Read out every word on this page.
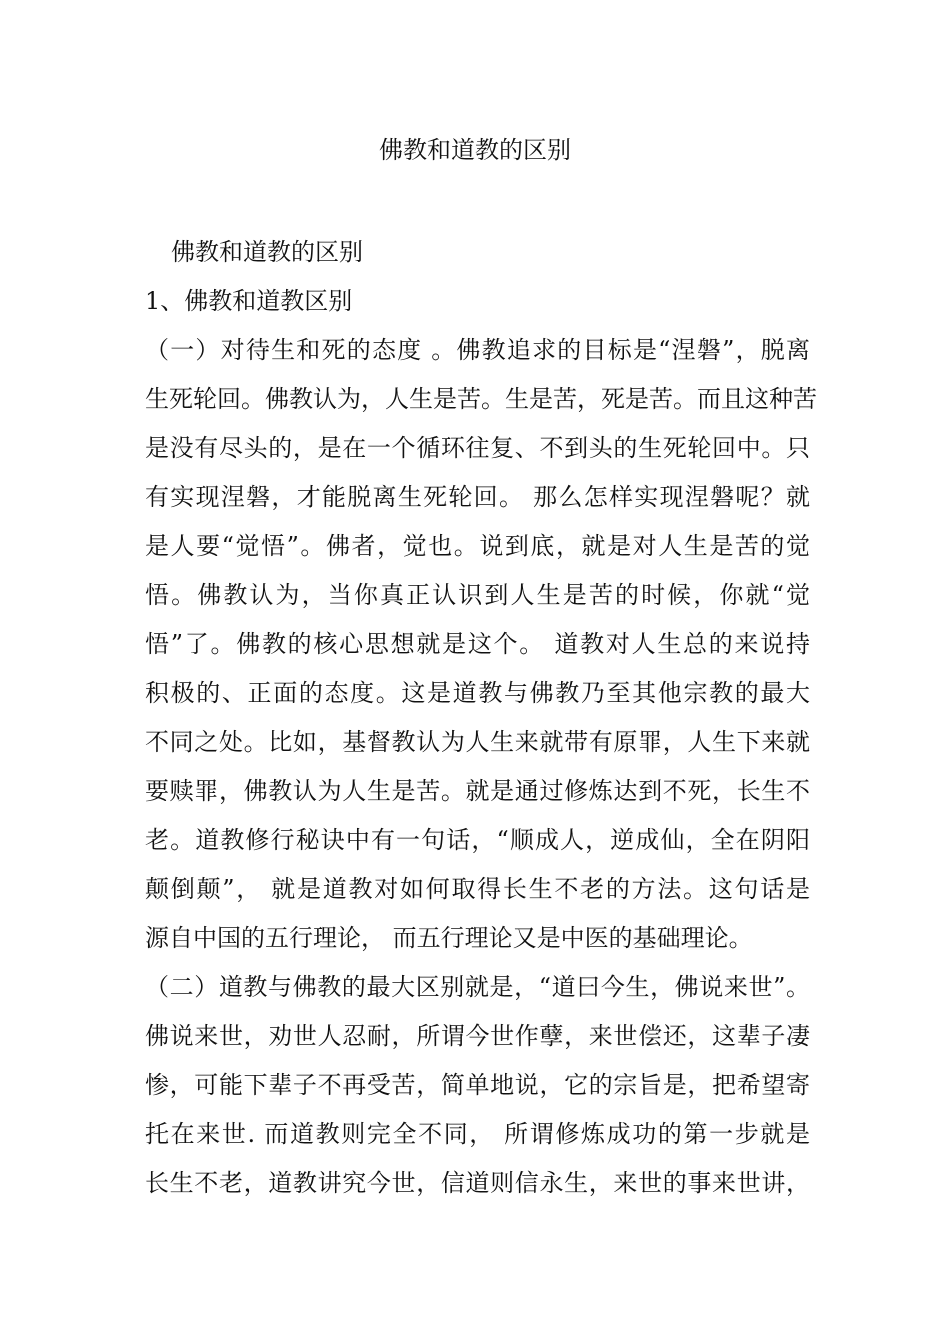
佛教和道教的区别

佛教和道教的区别

1、佛教和道教区别

（一）对待生和死的态度 。佛教追求的目标是“涅磐”，脱离

生死轮回。佛教认为，人生是苦。生是苦，死是苦。而且这种苦

是没有尽头的，是在一个循环往复、不到头的生死轮回中。只

有实现涅磐，才能脱离生死轮回。 那么怎样实现涅磐呢？就

是人要“觉悟”。佛者，觉也。说到底，就是对人生是苦的觉

悟。佛教认为，当你真正认识到人生是苦的时候，你就“觉

悟”了。佛教的核心思想就是这个。 道教对人生总的来说持

积极的、正面的态度。这是道教与佛教乃至其他宗教的最大

不同之处。比如，基督教认为人生来就带有原罪，人生下来就

要赎罪，佛教认为人生是苦。就是通过修炼达到不死，长生不

老。道教修行秘诀中有一句话，“顺成人，逆成仙，全在阴阳

颠倒颠”， 就是道教对如何取得长生不老的方法。这句话是

源自中国的五行理论， 而五行理论又是中医的基础理论。

（二）道教与佛教的最大区别就是，“道曰今生，佛说来世”。

佛说来世，劝世人忍耐，所谓今世作孽，来世偿还，这辈子凄

惨，可能下辈子不再受苦，简单地说，它的宗旨是，把希望寄

托在来世. 而道教则完全不同， 所谓修炼成功的第一步就是

长生不老，道教讲究今世，信道则信永生，来世的事来世讲，
